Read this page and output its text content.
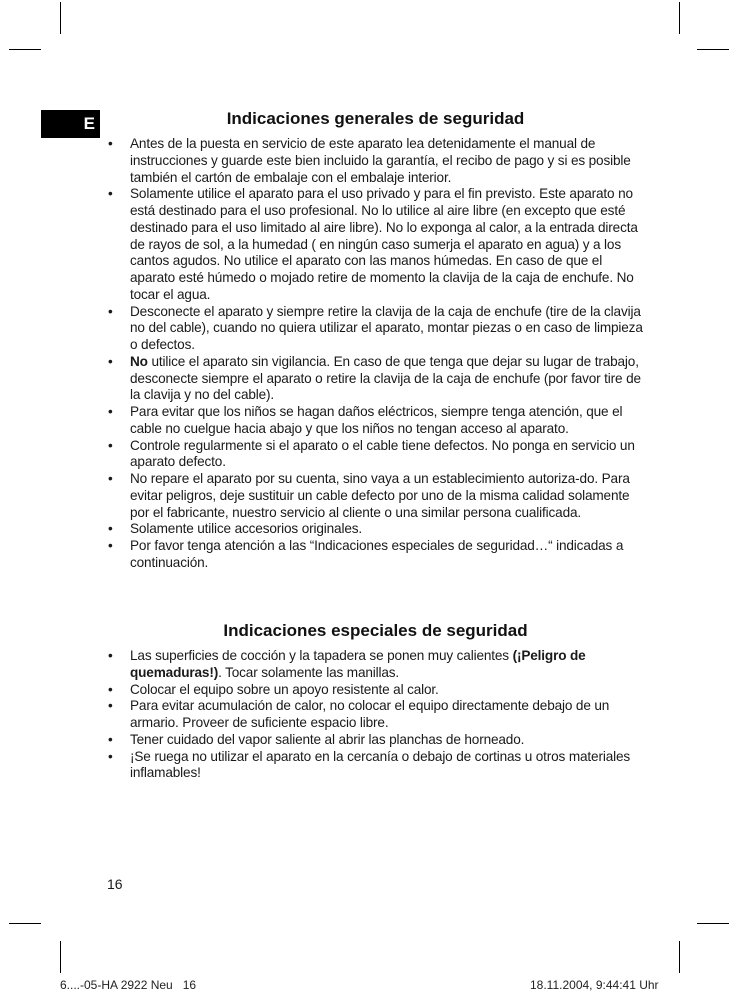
E	Indicaciones generales de seguridad
• Antes de la puesta en servicio de este aparato lea detenidamente el manual de instrucciones y guarde este bien incluido la garantía, el recibo de pago y si es posible también el cartón de embalaje con el embalaje interior.
• Solamente utilice el aparato para el uso privado y para el fin previsto. Este aparato no está destinado para el uso profesional. No lo utilice al aire libre (en excepto que esté destinado para el uso limitado al aire libre). No lo exponga al calor, a la entrada directa de rayos de sol, a la humedad ( en ningún caso sumerja el aparato en agua) y a los cantos agudos. No utilice el aparato con las manos húmedas. En caso de que el aparato esté húmedo o mojado retire de momento la clavija de la caja de enchufe. No tocar el agua.
• Desconecte el aparato y siempre retire la clavija de la caja de enchufe (tire de la clavija no del cable), cuando no quiera utilizar el aparato, montar piezas o en caso de limpieza o defectos.
• No utilice el aparato sin vigilancia. En caso de que tenga que dejar su lugar de trabajo, desconecte siempre el aparato o retire la clavija de la caja de enchufe (por favor tire de la clavija y no del cable).
• Para evitar que los niños se hagan daños eléctricos, siempre tenga atención, que el cable no cuelgue hacia abajo y que los niños no tengan acceso al aparato.
• Controle regularmente si el aparato o el cable tiene defectos. No ponga en servicio un aparato defecto.
• No repare el aparato por su cuenta, sino vaya a un establecimiento autoriza-do. Para evitar peligros, deje sustituir un cable defecto por uno de la misma calidad solamente por el fabricante, nuestro servicio al cliente o una similar persona cualificada.
• Solamente utilice accesorios originales.
• Por favor tenga atención a las “Indicaciones especiales de seguridad…“ indicadas a continuación.
Indicaciones especiales de seguridad
• Las superficies de cocción y la tapadera se ponen muy calientes (¡Peligro de quemaduras!). Tocar solamente las manillas.
• Colocar el equipo sobre un apoyo resistente al calor.
• Para evitar acumulación de calor, no colocar el equipo directamente debajo de un armario. Proveer de suficiente espacio libre.
• Tener cuidado del vapor saliente al abrir las planchas de horneado.
• ¡Se ruega no utilizar el aparato en la cercanía o debajo de cortinas u otros materiales inflamables!
16
6....-05-HA 2922 Neu   16	18.11.2004, 9:44:41 Uhr
